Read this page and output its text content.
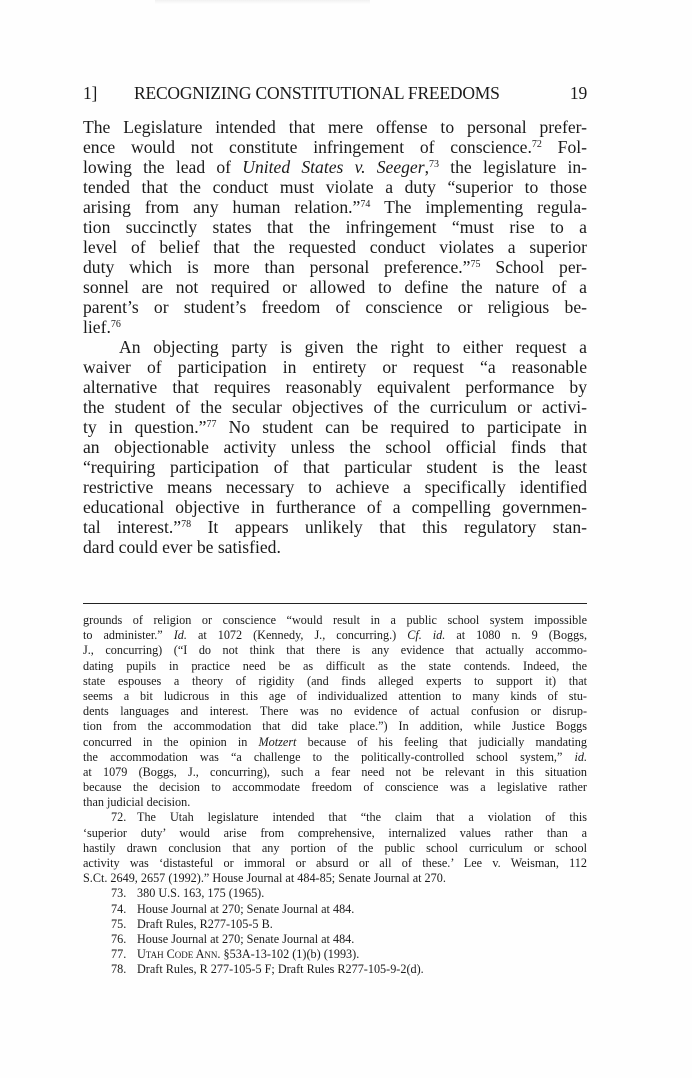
1] RECOGNIZING CONSTITUTIONAL FREEDOMS	19
The Legislature intended that mere offense to personal prefer-
ence would not constitute infringement of conscience.$^{72}$ Fol-
lowing the lead of United States v. Seeger,$^{73}$ the legislature in-
tended that the conduct must violate a duty “superior to those
arising from any human relation.”$^{74}$ The implementing regula-
tion succinctly states that the infringement “must rise to a
level of belief that the requested conduct violates a superior
duty which is more than personal preference.”$^{75}$ School per-
sonnel are not required or allowed to define the nature of a
parent’s or student’s freedom of conscience or religious be-
lief.$^{76}$
An objecting party is given the right to either request a
waiver of participation in entirety or request “a reasonable
alternative that requires reasonably equivalent performance by
the student of the secular objectives of the curriculum or activi-
ty in question.”$^{77}$ No student can be required to participate in
an objectionable activity unless the school official finds that
“requiring participation of that particular student is the least
restrictive means necessary to achieve a specifically identified
educational objective in furtherance of a compelling governmen-
tal interest.”$^{78}$ It appears unlikely that this regulatory stan-
dard could ever be satisfied.
grounds of religion or conscience “would result in a public school system impossible
to administer.” Id. at 1072 (Kennedy, J., concurring.) Cf. id. at 1080 n. 9 (Boggs,
J., concurring) (“I do not think that there is any evidence that actually accommo-
dating pupils in practice need be as difficult as the state contends. Indeed, the
state espouses a theory of rigidity (and finds alleged experts to support it) that
seems a bit ludicrous in this age of individualized attention to many kinds of stu-
dents languages and interest. There was no evidence of actual confusion or disrup-
tion from the accommodation that did take place.”) In addition, while Justice Boggs
concurred in the opinion in Motzert because of his feeling that judicially mandating
the accommodation was “a challenge to the politically-controlled school system,” id.
at 1079 (Boggs, J., concurring), such a fear need not be relevant in this situation
because the decision to accommodate freedom of conscience was a legislative rather
than judicial decision.
72. The Utah legislature intended that “the claim that a violation of this
‘superior duty’ would arise from comprehensive, internalized values rather than a
hastily drawn conclusion that any portion of the public school curriculum or school
activity was ‘distasteful or immoral or absurd or all of these.’ Lee v. Weisman, 112
S.Ct. 2649, 2657 (1992).” House Journal at 484-85; Senate Journal at 270.
73. 380 U.S. 163, 175 (1965).
74. House Journal at 270; Senate Journal at 484.
75. Draft Rules, R277-105-5 B.
76. House Journal at 270; Senate Journal at 484.
77. Utah Code Ann. §53A-13-102 (1)(b) (1993).
78. Draft Rules, R 277-105-5 F; Draft Rules R277-105-9-2(d).
